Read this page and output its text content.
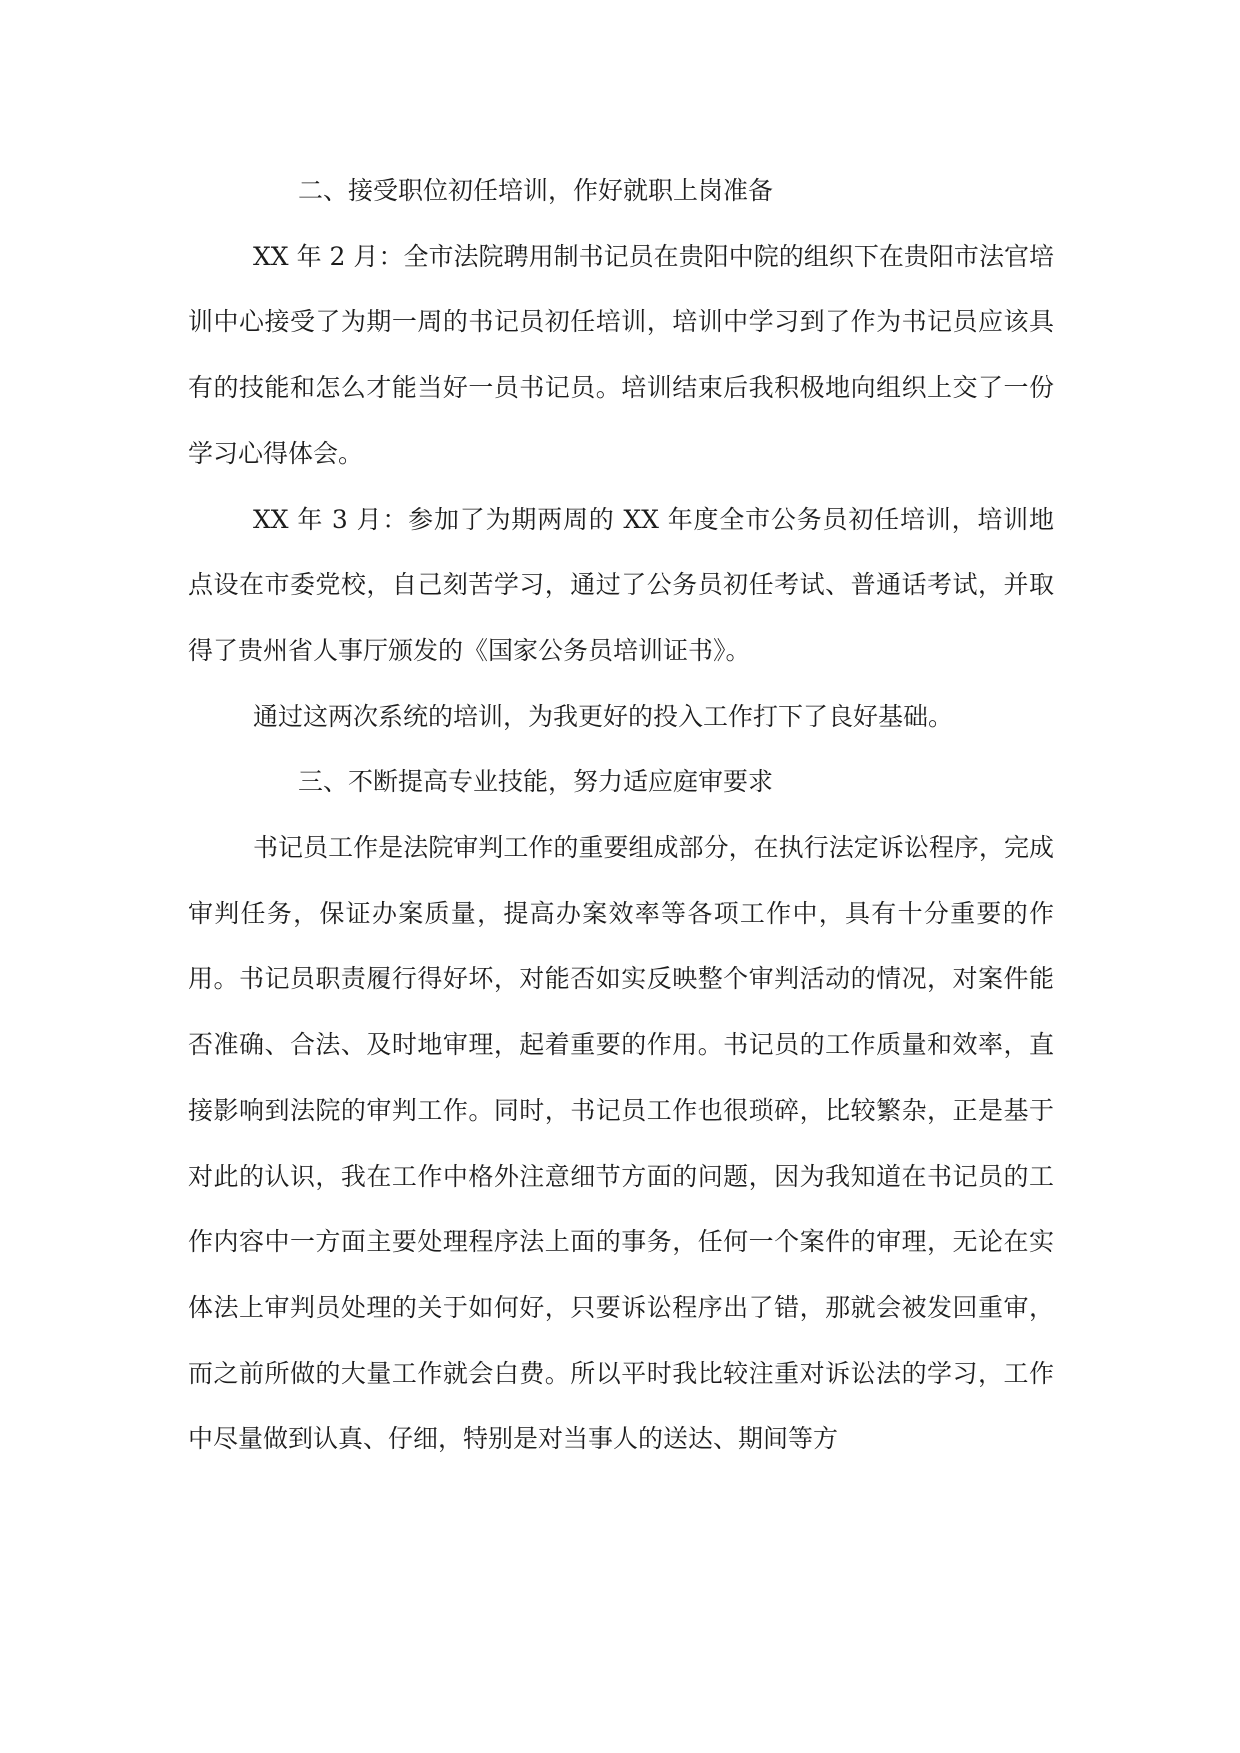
二、接受职位初任培训，作好就职上岗准备

XX 年 2 月：全市法院聘用制书记员在贵阳中院的组织下在贵阳市法官培训中心接受了为期一周的书记员初任培训，培训中学习到了作为书记员应该具有的技能和怎么才能当好一员书记员。培训结束后我积极地向组织上交了一份学习心得体会。

XX 年 3 月：参加了为期两周的 XX 年度全市公务员初任培训，培训地点设在市委党校，自己刻苦学习，通过了公务员初任考试、普通话考试，并取得了贵州省人事厅颁发的《国家公务员培训证书》。

通过这两次系统的培训，为我更好的投入工作打下了良好基础。

三、不断提高专业技能，努力适应庭审要求

书记员工作是法院审判工作的重要组成部分，在执行法定诉讼程序，完成审判任务，保证办案质量，提高办案效率等各项工作中，具有十分重要的作用。书记员职责履行得好坏，对能否如实反映整个审判活动的情况，对案件能否准确、合法、及时地审理，起着重要的作用。书记员的工作质量和效率，直接影响到法院的审判工作。同时，书记员工作也很琐碎，比较繁杂，正是基于对此的认识，我在工作中格外注意细节方面的问题，因为我知道在书记员的工作内容中一方面主要处理程序法上面的事务，任何一个案件的审理，无论在实体法上审判员处理的关于如何好，只要诉讼程序出了错，那就会被发回重审，而之前所做的大量工作就会白费。所以平时我比较注重对诉讼法的学习，工作中尽量做到认真、仔细，特别是对当事人的送达、期间等方
